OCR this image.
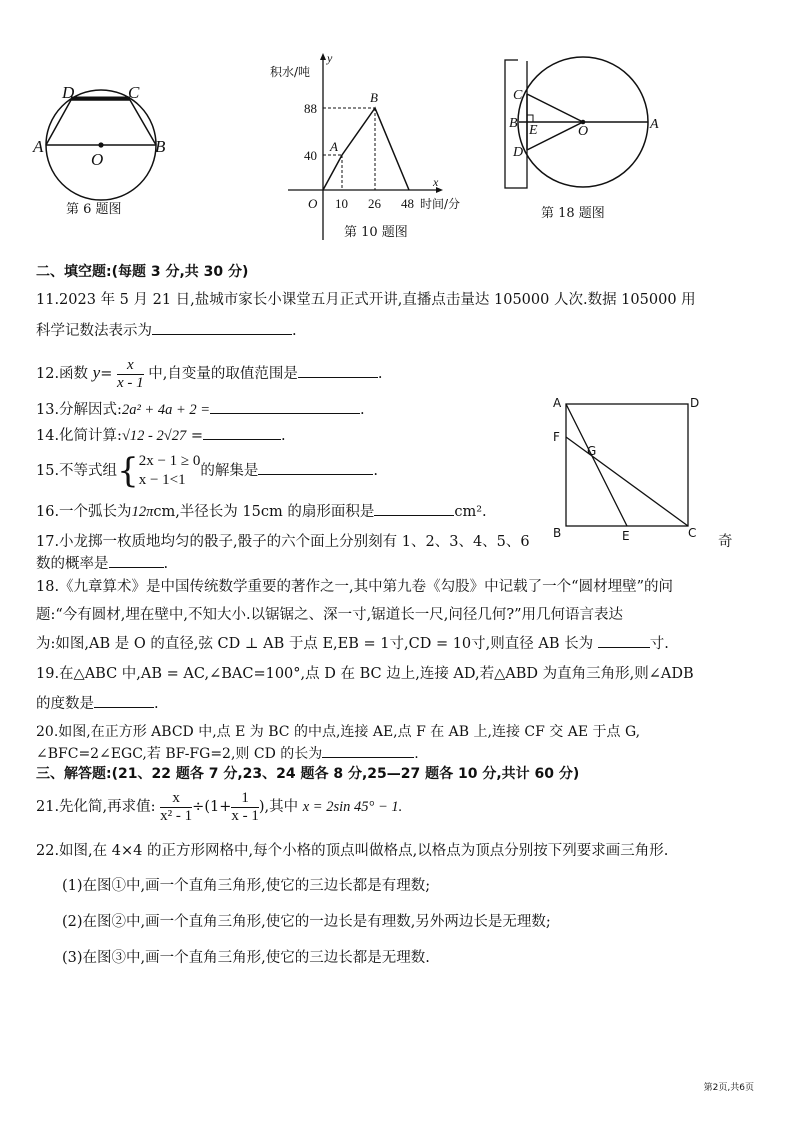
D	C
A	B
O
第 6 题图
积水/吨
y
x
88
40
O 10 26 48 时间/分
A
B
第 10 题图
C
B E	O	A
D
第 18 题图
A	D
F
G
B	E	C
二、填空题:(每题 3 分,共 30 分)
11.2023 年 5 月 21 日,盐城市家长小课堂五月正式开讲,直播点击量达 105000 人次.数据 105000 用
科学记数法表示为	.
12.函数 $y= \frac{x}{x - 1}$ 中,自变量的取值范围是	.
13.分解因式:2a² + 4a + 2 =	.
14.化简计算:√12 - 2√27 =	.
15.不等式组{ 2x − 1 ≥ 0
x − 1<1
的解集是	.
16.一个弧长为12πcm,半径长为 15cm 的扇形面积是	cm².
17.小龙掷一枚质地均匀的骰子,骰子的六个面上分别刻有 1、2、3、4、5、6	奇
数的概率是	.
18.《九章算术》是中国传统数学重要的著作之一,其中第九卷《勾股》中记载了一个“圆材埋壁”的问
题:“今有圆材,埋在壁中,不知大小.以锯锯之、深一寸,锯道长一尺,问径几何?”用几何语言表达
为:如图,AB 是 O 的直径,弦 CD ⊥ AB 于点 E,EB = 1寸,CD = 10寸,则直径 AB 长为	寸.
19.在△ABC 中,AB = AC,∠BAC=100°,点 D 在 BC 边上,连接 AD,若△ABD 为直角三角形,则∠ADB
的度数是	.
20.如图,在正方形 ABCD 中,点 E 为 BC 的中点,连接 AE,点 F 在 AB 上,连接 CF 交 AE 于点 G,
∠BFC=2∠EGC,若 BF-FG=2,则 CD 的长为	.
三、解答题:(21、22 题各 7 分,23、24 题各 8 分,25—27 题各 10 分,共计 60 分)
21.先化简,再求值: $\frac{x}{\text{x² - 1}} \div(1+ \frac{1}{x - 1}$ ),其中 x = 2sin 45° − 1.
22.如图,在 4×4 的正方形网格中,每个小格的顶点叫做格点,以格点为顶点分别按下列要求画三角形.
(1)在图①中,画一个直角三角形,使它的三边长都是有理数;
(2)在图②中,画一个直角三角形,使它的一边长是有理数,另外两边长是无理数;
(3)在图③中,画一个直角三角形,使它的三边长都是无理数.
第2页,共6页
